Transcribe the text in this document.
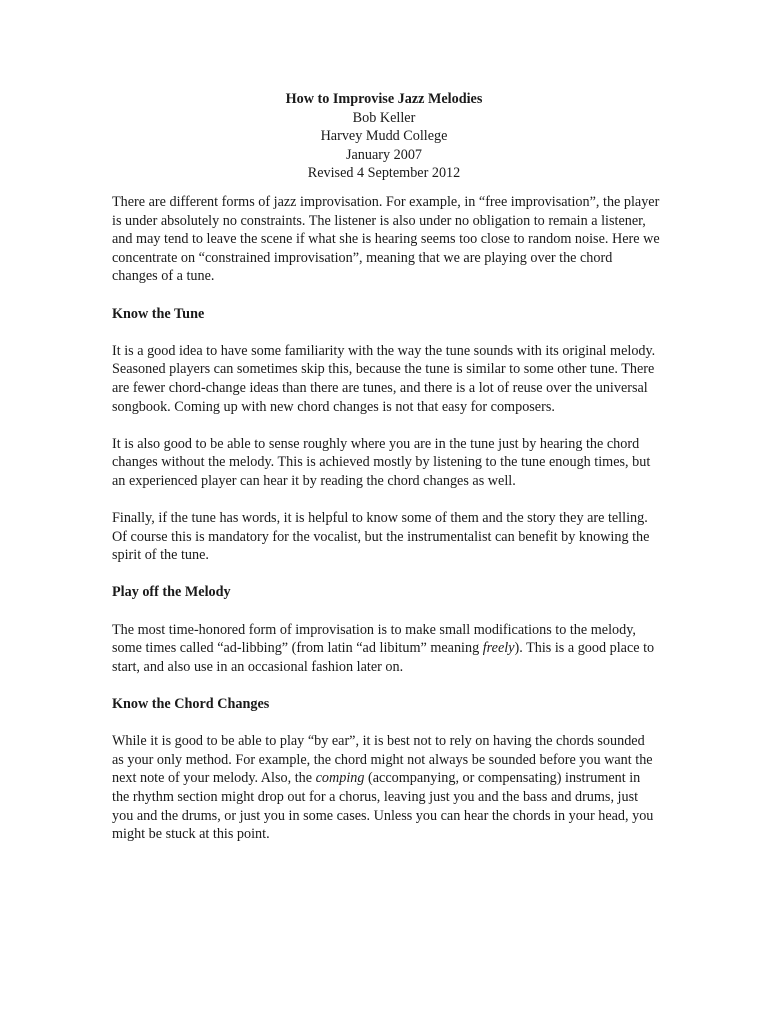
How to Improvise Jazz Melodies
Bob Keller
Harvey Mudd College
January 2007
Revised 4 September 2012

There are different forms of jazz improvisation. For example, in “free improvisation”, the player is under absolutely no constraints. The listener is also under no obligation to remain a listener, and may tend to leave the scene if what she is hearing seems too close to random noise. Here we concentrate on “constrained improvisation”, meaning that we are playing over the chord changes of a tune.

Know the Tune

It is a good idea to have some familiarity with the way the tune sounds with its original melody. Seasoned players can sometimes skip this, because the tune is similar to some other tune. There are fewer chord-change ideas than there are tunes, and there is a lot of reuse over the universal songbook. Coming up with new chord changes is not that easy for composers.

It is also good to be able to sense roughly where you are in the tune just by hearing the chord changes without the melody. This is achieved mostly by listening to the tune enough times, but an experienced player can hear it by reading the chord changes as well.

Finally, if the tune has words, it is helpful to know some of them and the story they are telling. Of course this is mandatory for the vocalist, but the instrumentalist can benefit by knowing the spirit of the tune.

Play off the Melody

The most time-honored form of improvisation is to make small modifications to the melody, some times called “ad-libbing” (from latin “ad libitum” meaning freely). This is a good place to start, and also use in an occasional fashion later on.

Know the Chord Changes

While it is good to be able to play “by ear”, it is best not to rely on having the chords sounded as your only method. For example, the chord might not always be sounded before you want the next note of your melody. Also, the comping (accompanying, or compensating) instrument in the rhythm section might drop out for a chorus, leaving just you and the bass and drums, just you and the drums, or just you in some cases. Unless you can hear the chords in your head, you might be stuck at this point.
